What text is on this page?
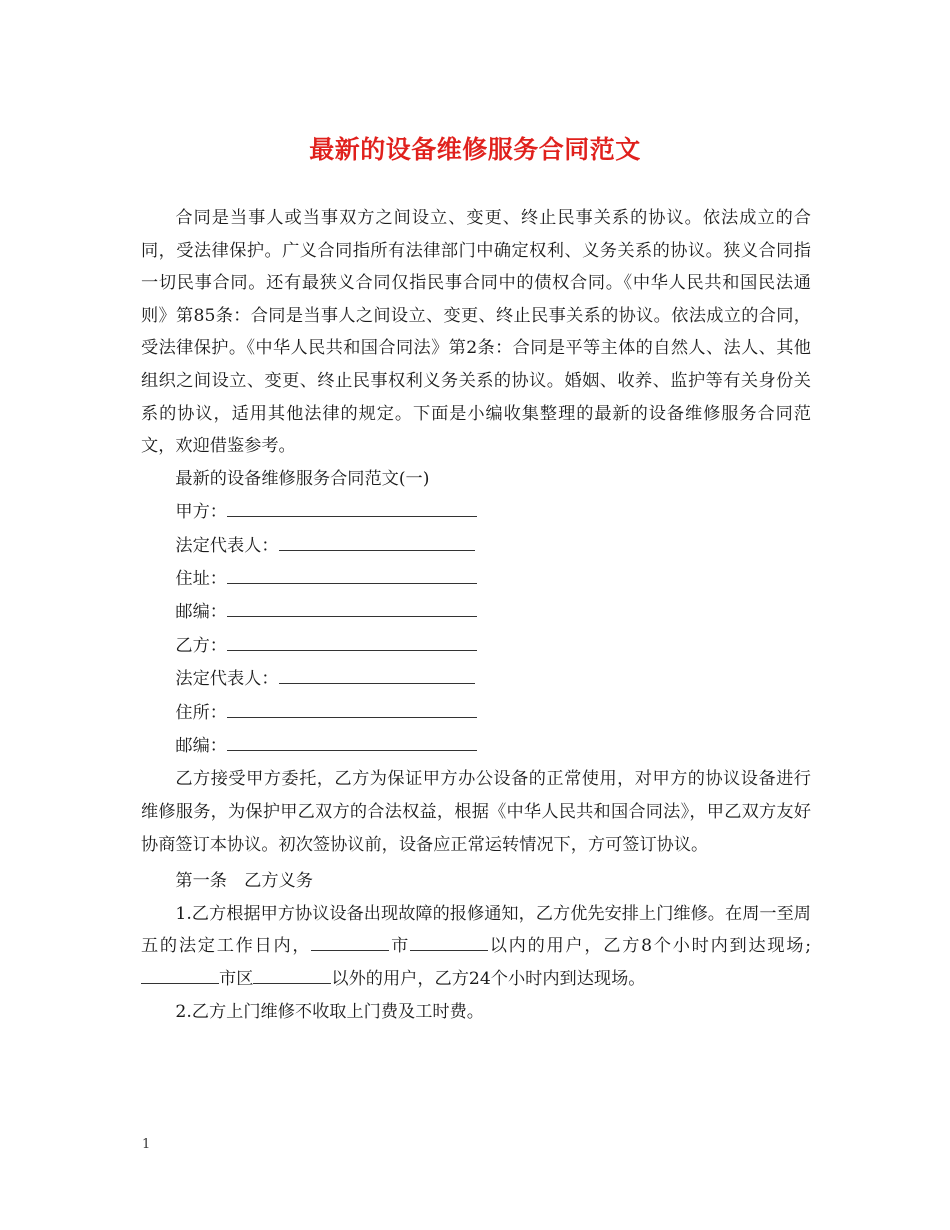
最新的设备维修服务合同范文

合同是当事人或当事双方之间设立、变更、终止民事关系的协议。依法成立的合同，受法律保护。广义合同指所有法律部门中确定权利、义务关系的协议。狭义合同指一切民事合同。还有最狭义合同仅指民事合同中的债权合同。《中华人民共和国民法通则》第85条：合同是当事人之间设立、变更、终止民事关系的协议。依法成立的合同，受法律保护。《中华人民共和国合同法》第2条：合同是平等主体的自然人、法人、其他组织之间设立、变更、终止民事权利义务关系的协议。婚姻、收养、监护等有关身份关系的协议，适用其他法律的规定。下面是小编收集整理的最新的设备维修服务合同范文，欢迎借鉴参考。

最新的设备维修服务合同范文(一)

甲方：

法定代表人：

住址：

邮编：

乙方：

法定代表人：

住所：

邮编：

乙方接受甲方委托，乙方为保证甲方办公设备的正常使用，对甲方的协议设备进行维修服务，为保护甲乙双方的合法权益，根据《中华人民共和国合同法》，甲乙双方友好协商签订本协议。初次签协议前，设备应正常运转情况下，方可签订协议。

第一条　乙方义务

1.乙方根据甲方协议设备出现故障的报修通知，乙方优先安排上门维修。在周一至周五的法定工作日内，	市	以内的用户，乙方8个小时内到达现场;市区	以外的用户，乙方24个小时内到达现场。

2.乙方上门维修不收取上门费及工时费。

1
